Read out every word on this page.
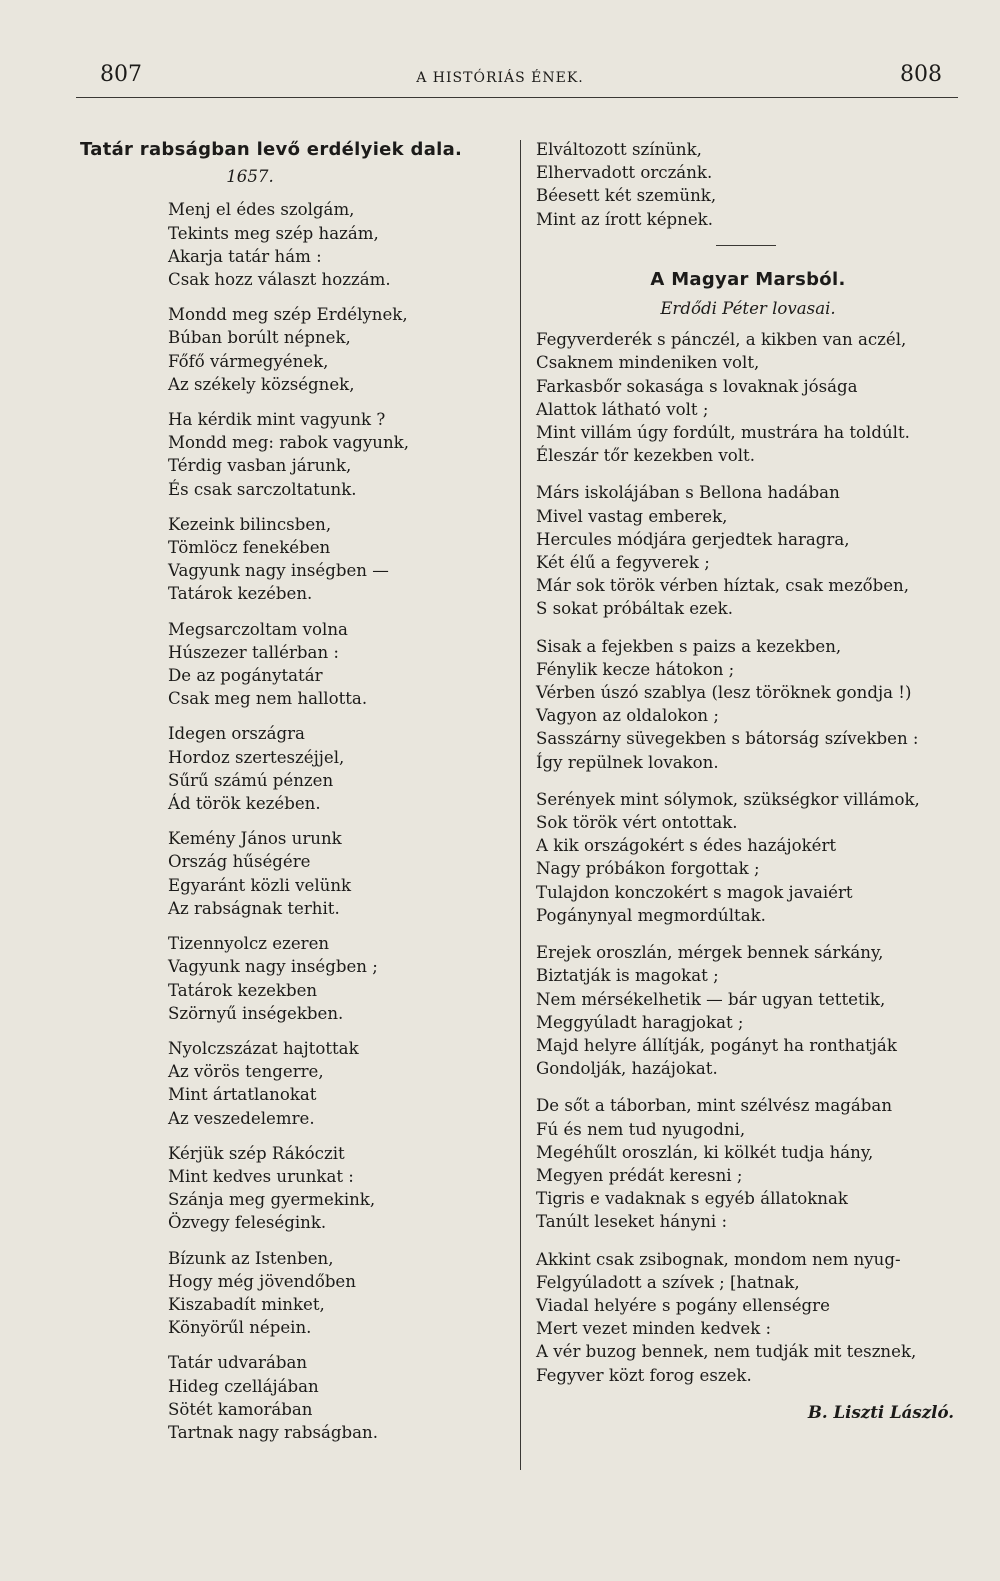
807	A HISTÓRIÁS ÉNEK.	808
Tatár rabságban levő erdélyiek dala.
1657.
Menj el édes szolgám,
Tekints meg szép hazám,
Akarja tatár hám :
Csak hozz választ hozzám.
Mondd meg szép Erdélynek,
Búban borúlt népnek,
Főfő vármegyének,
Az székely községnek,
Ha kérdik mint vagyunk ?
Mondd meg: rabok vagyunk,
Térdig vasban járunk,
És csak sarczoltatunk.
Kezeink bilincsben,
Tömlöcz fenekében
Vagyunk nagy inségben —
Tatárok kezében.
Megsarczoltam volna
Húszezer tallérban :
De az pogánytatár
Csak meg nem hallotta.
Idegen országra
Hordoz szerteszéjjel,
Sűrű számú pénzen
Ád török kezében.
Kemény János urunk
Ország hűségére
Egyaránt közli velünk
Az rabságnak terhit.
Tizennyolcz ezeren
Vagyunk nagy inségben ;
Tatárok kezekben
Szörnyű inségekben.
Nyolczszázat hajtottak
Az vörös tengerre,
Mint ártatlanokat
Az veszedelemre.
Kérjük szép Rákóczit
Mint kedves urunkat :
Szánja meg gyermekink,
Özvegy feleségink.
Bízunk az Istenben,
Hogy még jövendőben
Kiszabadít minket,
Könyörűl népein.
Tatár udvarában
Hideg czellájában
Sötét kamorában
Tartnak nagy rabságban.
Elváltozott színünk,
Elhervadott orczánk.
Béesett két szemünk,
Mint az írott képnek.
A Magyar Marsból.
Erdődi Péter lovasai.
Fegyverderék s pánczél, a kikben van aczél,
Csaknem mindeniken volt,
Farkasbőr sokasága s lovaknak jósága
Alattok látható volt ;
Mint villám úgy fordúlt, mustrára ha toldúlt.
Éleszár tőr kezekben volt.
Márs iskolájában s Bellona hadában
Mivel vastag emberek,
Hercules módjára gerjedtek haragra,
Két élű a fegyverek ;
Már sok török vérben híztak, csak mezőben,
S sokat próbáltak ezek.
Sisak a fejekben s paizs a kezekben,
Fénylik kecze hátokon ;
Vérben úszó szablya (lesz töröknek gondja !)
Vagyon az oldalokon ;
Sasszárny süvegekben s bátorság szívekben :
Így repülnek lovakon.
Serények mint sólymok, szükségkor villámok,
Sok török vért ontottak.
A kik országokért s édes hazájokért
Nagy próbákon forgottak ;
Tulajdon konczokért s magok javaiért
Pogánynyal megmordúltak.
Erejek oroszlán, mérgek bennek sárkány,
Biztatják is magokat ;
Nem mérsékelhetik — bár ugyan tettetik,
Meggyúladt haragjokat ;
Majd helyre állítják, pogányt ha ronthatják
Gondolják, hazájokat.
De sőt a táborban, mint szélvész magában
Fú és nem tud nyugodni,
Megéhűlt oroszlán, ki kölkét tudja hány,
Megyen prédát keresni ;
Tigris e vadaknak s egyéb állatoknak
Tanúlt leseket hányni :
Akkint csak zsibognak, mondom nem nyug-
Felgyúladott a szívek ; [hatnak,
Viadal helyére s pogány ellenségre
Mert vezet minden kedvek :
A vér buzog bennek, nem tudják mit tesznek,
Fegyver közt forog eszek.
B. Liszti László.
